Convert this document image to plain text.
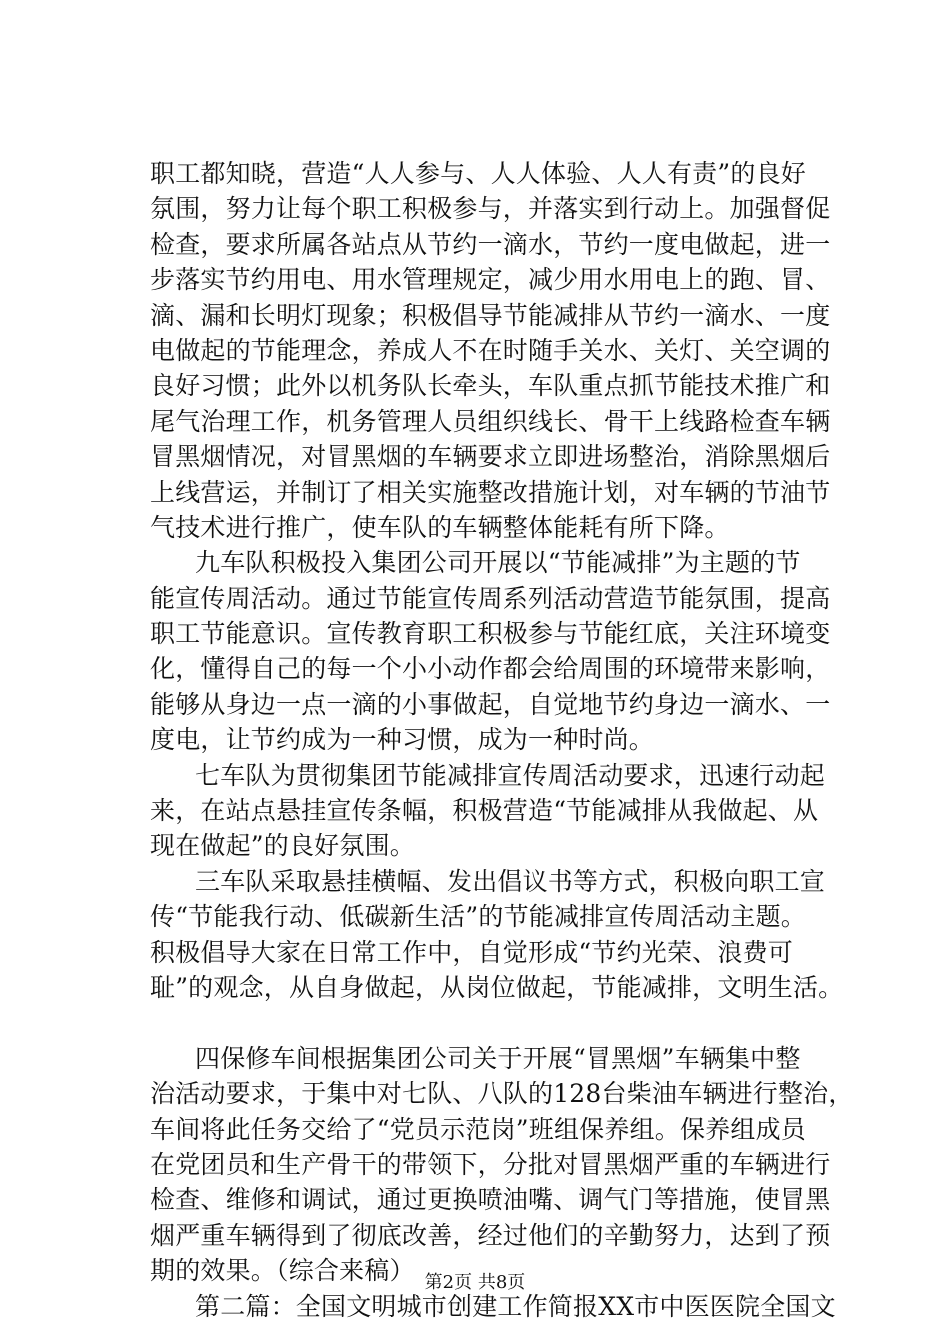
职工都知晓，营造“人人参与、人人体验、人人有责”的良好
氛围，努力让每个职工积极参与，并落实到行动上。加强督促
检查，要求所属各站点从节约一滴水，节约一度电做起，进一
步落实节约用电、用水管理规定，减少用水用电上的跑、冒、
滴、漏和长明灯现象；积极倡导节能减排从节约一滴水、一度
电做起的节能理念，养成人不在时随手关水、关灯、关空调的
良好习惯；此外以机务队长牵头，车队重点抓节能技术推广和
尾气治理工作，机务管理人员组织线长、骨干上线路检查车辆
冒黑烟情况，对冒黑烟的车辆要求立即进场整治，消除黑烟后
上线营运，并制订了相关实施整改措施计划，对车辆的节油节
气技术进行推广，使车队的车辆整体能耗有所下降。
九车队积极投入集团公司开展以“节能减排”为主题的节
能宣传周活动。通过节能宣传周系列活动营造节能氛围，提高
职工节能意识。宣传教育职工积极参与节能红底，关注环境变
化，懂得自己的每一个小小动作都会给周围的环境带来影响，
能够从身边一点一滴的小事做起，自觉地节约身边一滴水、一
度电，让节约成为一种习惯，成为一种时尚。
七车队为贯彻集团节能减排宣传周活动要求，迅速行动起
来，在站点悬挂宣传条幅，积极营造“节能减排从我做起、从
现在做起”的良好氛围。
三车队采取悬挂横幅、发出倡议书等方式，积极向职工宣
传“节能我行动、低碳新生活”的节能减排宣传周活动主题。
积极倡导大家在日常工作中，自觉形成“节约光荣、浪费可
耻”的观念，从自身做起，从岗位做起，节能减排，文明生活。
四保修车间根据集团公司关于开展“冒黑烟”车辆集中整
治活动要求，于集中对七队、八队的128台柴油车辆进行整治，
车间将此任务交给了“党员示范岗”班组保养组。保养组成员
在党团员和生产骨干的带领下，分批对冒黑烟严重的车辆进行
检查、维修和调试，通过更换喷油嘴、调气门等措施，使冒黑
烟严重车辆得到了彻底改善，经过他们的辛勤努力，达到了预
期的效果。（综合来稿）
第二篇：全国文明城市创建工作简报XX市中医医院全国文
第2页 共8页
